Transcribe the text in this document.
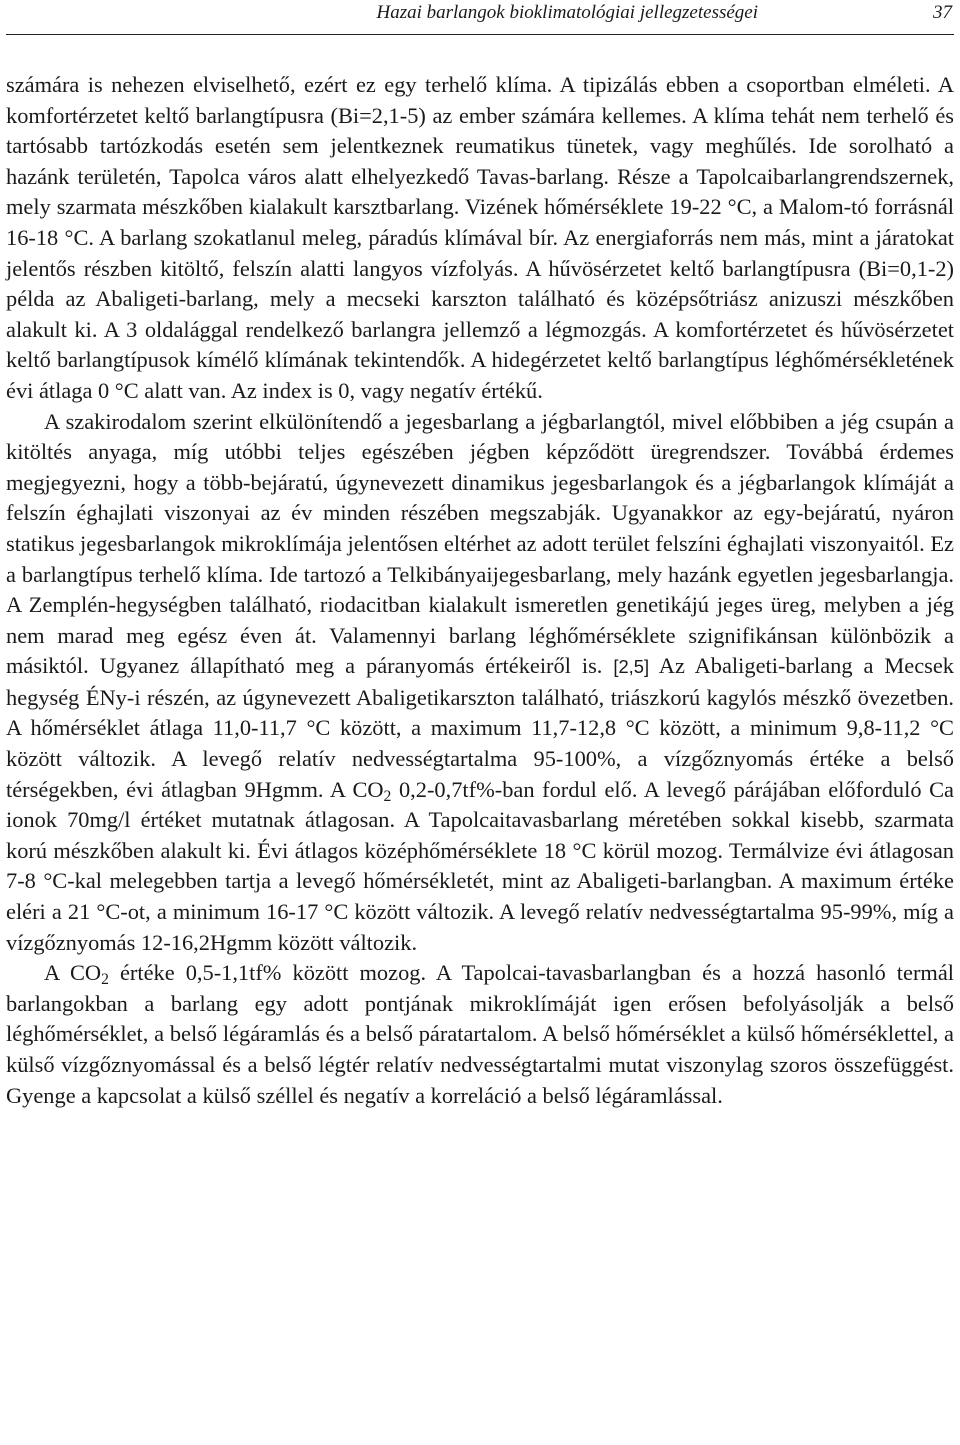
Hazai barlangok bioklimatológiai jellegzetességei	37

számára is nehezen elviselhető, ezért ez egy terhelő klíma. A tipizálás ebben a csoportban elméleti. A komfortérzetet keltő barlangtípusra (Bi=2,1-5) az ember számára kellemes. A klíma tehát nem terhelő és tartósabb tartózkodás esetén sem jelentkeznek reumatikus tünetek, vagy meghűlés. Ide sorolható a hazánk területén, Tapolca város alatt elhelyezkedő Tavas-barlang. Része a Tapolcaibarlangrendszernek, mely szarmata mészkőben kialakult karsztbarlang. Vizének hőmérséklete 19-22 °C, a Malom-tó forrásnál 16-18 °C. A barlang szokatlanul meleg, páradús klímával bír. Az energiaforrás nem más, mint a járatokat jelentős részben kitöltő, felszín alatti langyos vízfolyás. A hűvösérzetet keltő barlangtípusra (Bi=0,1-2) példa az Abaligeti-barlang, mely a mecseki karszton található és középsőtriász anizuszi mészkőben alakult ki. A 3 oldalággal rendelkező barlangra jellemző a légmozgás. A komfortérzetet és hűvösérzetet keltő barlangtípusok kímélő klímának tekintendők. A hidegérzetet keltő barlangtípus léghőmérsékletének évi átlaga 0 °C alatt van. Az index is 0, vagy negatív értékű.

A szakirodalom szerint elkülönítendő a jegesbarlang a jégbarlangtól, mivel előbbiben a jég csupán a kitöltés anyaga, míg utóbbi teljes egészében jégben képződött üregrendszer. Továbbá érdemes megjegyezni, hogy a több-bejáratú, úgynevezett dinamikus jegesbarlangok és a jégbarlangok klímáját a felszín éghajlati viszonyai az év minden részében megszabják. Ugyanakkor az egy-bejáratú, nyáron statikus jegesbarlangok mikroklímája jelentősen eltérhet az adott terület felszíni éghajlati viszonyaitól. Ez a barlangtípus terhelő klíma. Ide tartozó a Telkibányaijegesbarlang, mely hazánk egyetlen jegesbarlangja. A Zemplén-hegységben található, riodacitban kialakult ismeretlen genetikájú jeges üreg, melyben a jég nem marad meg egész éven át. Valamennyi barlang léghőmérséklete szignifikánsan különbözik a másiktól. Ugyanez állapítható meg a páranyomás értékeiről is. [2,5] Az Abaligeti-barlang a Mecsek hegység ÉNy-i részén, az úgynevezett Abaligetikarszton található, triászkorú kagylós mészkő övezetben. A hőmérséklet átlaga 11,0-11,7 °C között, a maximum 11,7-12,8 °C között, a minimum 9,8-11,2 °C között változik. A levegő relatív nedvességtartalma 95-100%, a vízgőznyomás értéke a belső térségekben, évi átlagban 9Hgmm. A $CO_2$ 0,2-0,7tf%-ban fordul elő. A levegő párájában előforduló Ca ionok 70mg/l értéket mutatnak átlagosan. A Tapolcaitavasbarlang méretében sokkal kisebb, szarmata korú mészkőben alakult ki. Évi átlagos középhőmérséklete 18 °C körül mozog. Termálvize évi átlagosan 7-8 °C-kal melegebben tartja a levegő hőmérsékletét, mint az Abaligeti-barlangban. A maximum értéke eléri a 21 °C-ot, a minimum 16-17 °C között változik. A levegő relatív nedvességtartalma 95-99%, míg a vízgőznyomás 12-16,2Hgmm között változik.

A $CO_2$ értéke 0,5-1,1tf% között mozog. A Tapolcai-tavasbarlangban és a hozzá hasonló termál barlangokban a barlang egy adott pontjának mikroklímáját igen erősen befolyásolják a belső léghőmérséklet, a belső légáramlás és a belső páratartalom. A belső hőmérséklet a külső hőmérséklettel, a külső vízgőznyomással és a belső légtér relatív nedvességtartalmi mutat viszonylag szoros összefüggést. Gyenge a kapcsolat a külső széllel és negatív a korreláció a belső légáramlással.
